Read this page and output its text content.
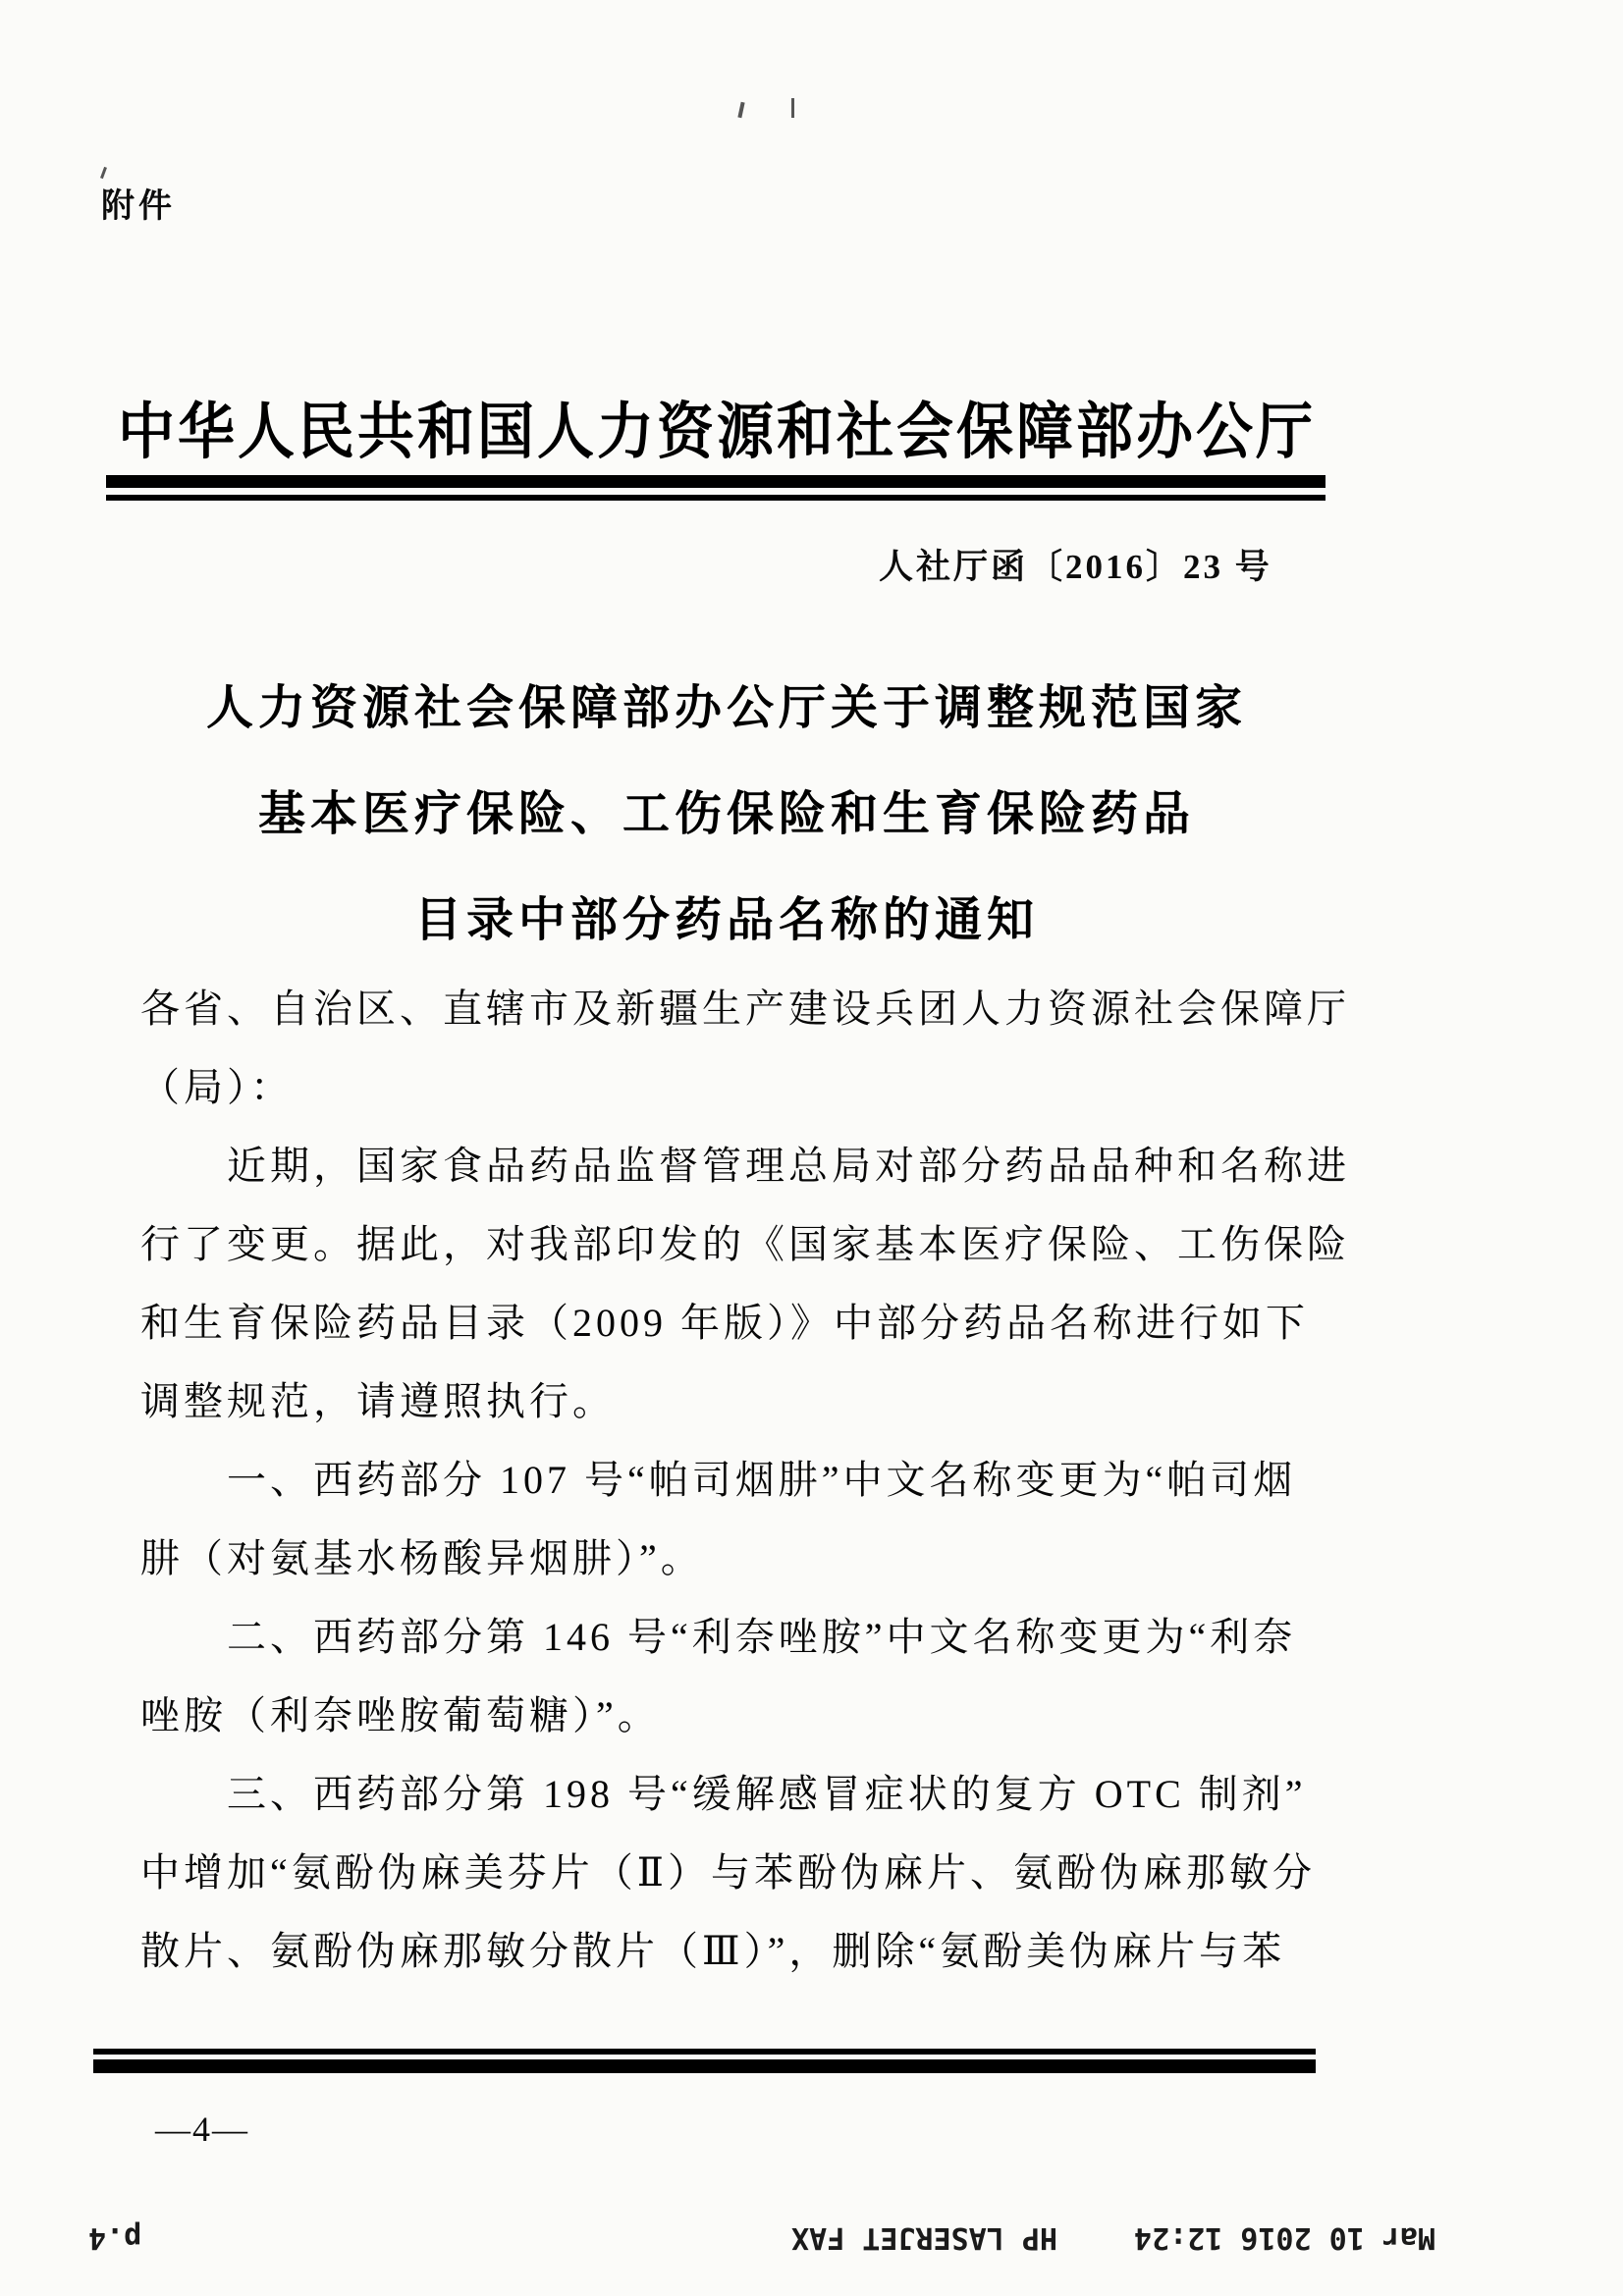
附件
中华人民共和国人力资源和社会保障部办公厅
人社厅函〔2016〕23 号
人力资源社会保障部办公厅关于调整规范国家
基本医疗保险、工伤保险和生育保险药品
目录中部分药品名称的通知
各省、自治区、直辖市及新疆生产建设兵团人力资源社会保障厅
（局）：
　　近期，国家食品药品监督管理总局对部分药品品种和名称进
行了变更。据此，对我部印发的《国家基本医疗保险、工伤保险
和生育保险药品目录（2009 年版）》中部分药品名称进行如下
调整规范，请遵照执行。
　　一、西药部分 107 号“帕司烟肼”中文名称变更为“帕司烟
肼（对氨基水杨酸异烟肼）”。
　　二、西药部分第 146 号“利奈唑胺”中文名称变更为“利奈
唑胺（利奈唑胺葡萄糖）”。
　　三、西药部分第 198 号“缓解感冒症状的复方 OTC 制剂”
中增加“氨酚伪麻美芬片（Ⅱ）与苯酚伪麻片、氨酚伪麻那敏分
散片、氨酚伪麻那敏分散片（Ⅲ）”，删除“氨酚美伪麻片与苯
—4—
Mar 10 2016 12:24
HP LASERJET FAX
p.4
